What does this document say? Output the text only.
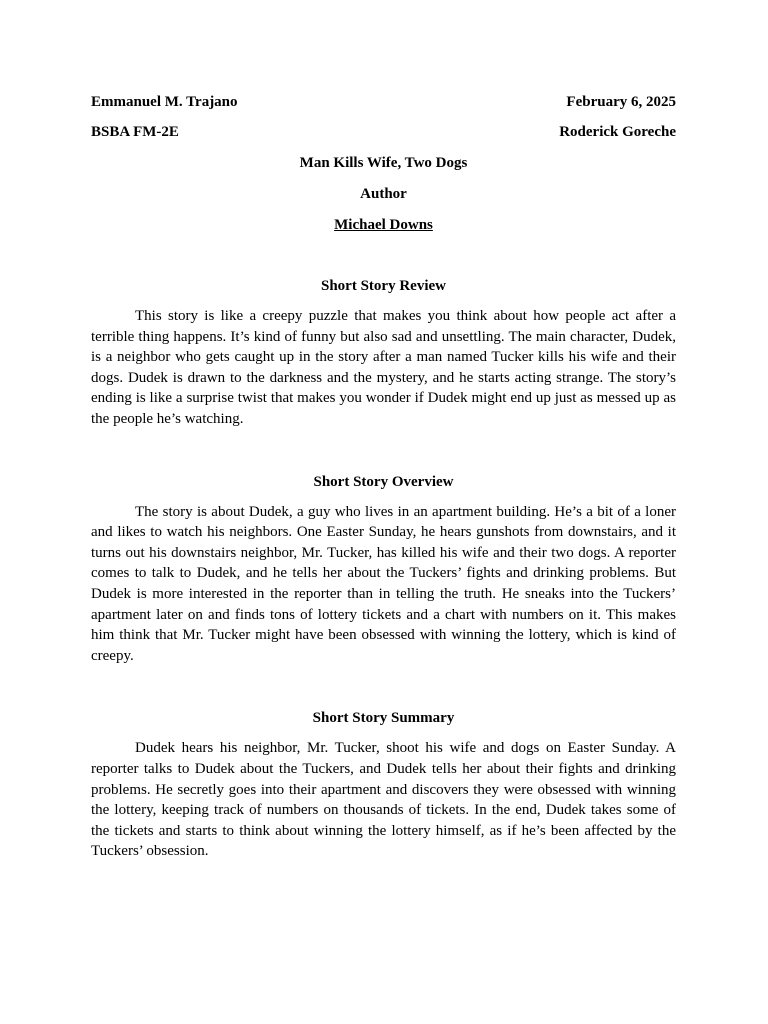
Emmanuel M. Trajano	February 6, 2025
BSBA FM-2E	Roderick Goreche
Man Kills Wife, Two Dogs
Author
Michael Downs
Short Story Review

This story is like a creepy puzzle that makes you think about how people act after a terrible thing happens. It’s kind of funny but also sad and unsettling. The main character, Dudek, is a neighbor who gets caught up in the story after a man named Tucker kills his wife and their dogs. Dudek is drawn to the darkness and the mystery, and he starts acting strange. The story’s ending is like a surprise twist that makes you wonder if Dudek might end up just as messed up as the people he’s watching.

Short Story Overview

The story is about Dudek, a guy who lives in an apartment building. He’s a bit of a loner and likes to watch his neighbors. One Easter Sunday, he hears gunshots from downstairs, and it turns out his downstairs neighbor, Mr. Tucker, has killed his wife and their two dogs. A reporter comes to talk to Dudek, and he tells her about the Tuckers’ fights and drinking problems. But Dudek is more interested in the reporter than in telling the truth. He sneaks into the Tuckers’ apartment later on and finds tons of lottery tickets and a chart with numbers on it. This makes him think that Mr. Tucker might have been obsessed with winning the lottery, which is kind of creepy.

Short Story Summary

Dudek hears his neighbor, Mr. Tucker, shoot his wife and dogs on Easter Sunday. A reporter talks to Dudek about the Tuckers, and Dudek tells her about their fights and drinking problems. He secretly goes into their apartment and discovers they were obsessed with winning the lottery, keeping track of numbers on thousands of tickets. In the end, Dudek takes some of the tickets and starts to think about winning the lottery himself, as if he’s been affected by the Tuckers’ obsession.
